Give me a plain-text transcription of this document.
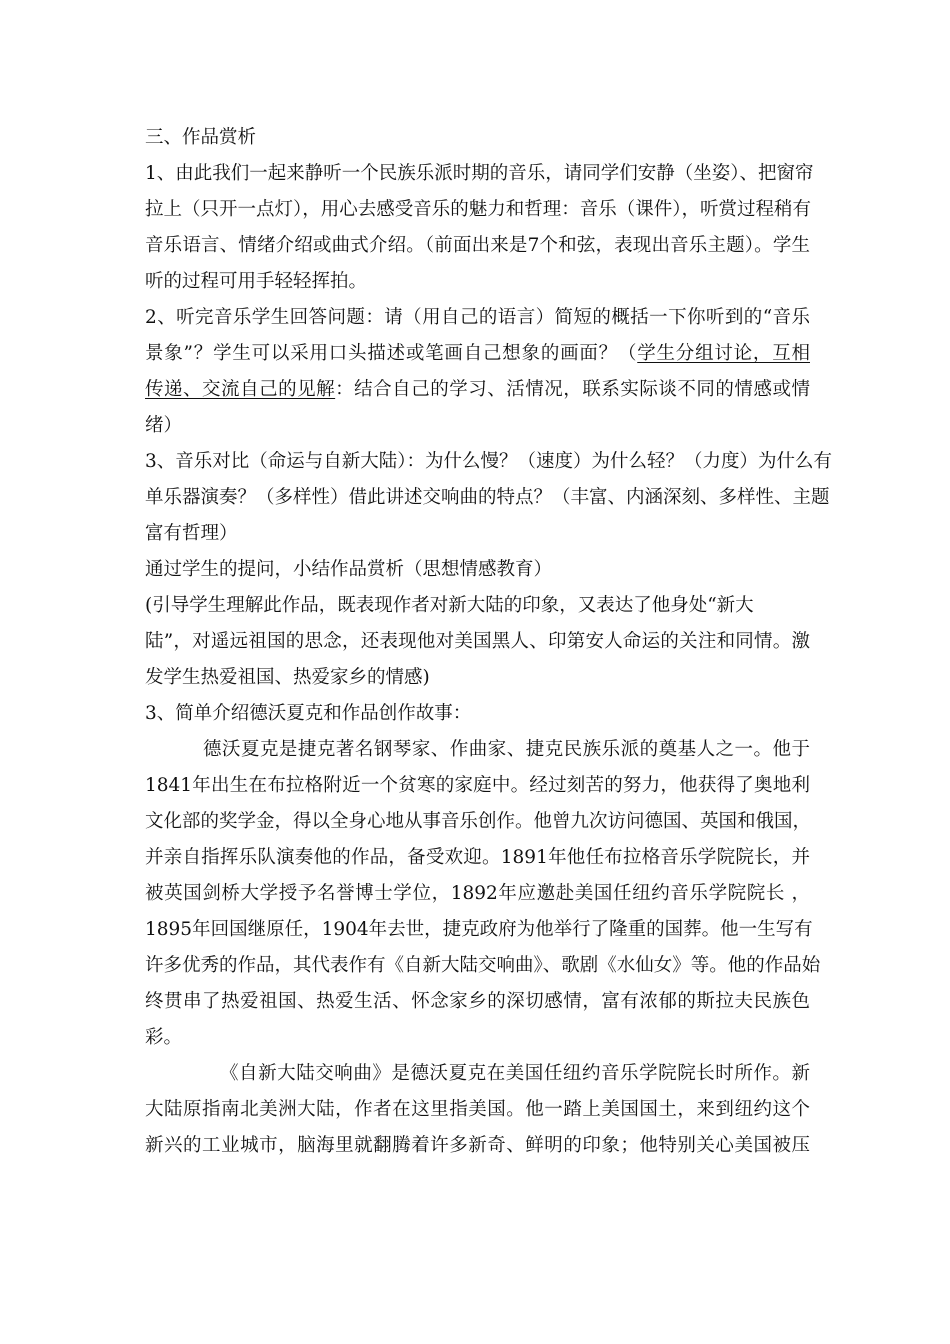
三、作品赏析
1、由此我们一起来静听一个民族乐派时期的音乐，请同学们安静（坐姿）、把窗帘
拉上（只开一点灯），用心去感受音乐的魅力和哲理：音乐（课件），听赏过程稍有
音乐语言、情绪介绍或曲式介绍。（前面出来是7个和弦，表现出音乐主题）。学生
听的过程可用手轻轻挥拍。
2、听完音乐学生回答问题：请（用自己的语言）简短的概括一下你听到的“音乐
景象”？学生可以采用口头描述或笔画自己想象的画面？（学生分组讨论，互相
传递、交流自己的见解：结合自己的学习、活情况，联系实际谈不同的情感或情
绪）
3、音乐对比（命运与自新大陆）：为什么慢？（速度）为什么轻？（力度）为什么有
单乐器演奏？（多样性）借此讲述交响曲的特点？（丰富、内涵深刻、多样性、主题
富有哲理）
通过学生的提问，小结作品赏析（思想情感教育）
(引导学生理解此作品，既表现作者对新大陆的印象，又表达了他身处“新大
陆”，对遥远祖国的思念，还表现他对美国黑人、印第安人命运的关注和同情。激
发学生热爱祖国、热爱家乡的情感)
3、简单介绍德沃夏克和作品创作故事：
德沃夏克是捷克著名钢琴家、作曲家、捷克民族乐派的奠基人之一。他于
1841年出生在布拉格附近一个贫寒的家庭中。经过刻苦的努力，他获得了奥地利
文化部的奖学金，得以全身心地从事音乐创作。他曾九次访问德国、英国和俄国，
并亲自指挥乐队演奏他的作品，备受欢迎。1891年他任布拉格音乐学院院长，并
被英国剑桥大学授予名誉博士学位，1892年应邀赴美国任纽约音乐学院院长 ，
1895年回国继原任，1904年去世，捷克政府为他举行了隆重的国葬。他一生写有
许多优秀的作品，其代表作有《自新大陆交响曲》、歌剧《水仙女》等。他的作品始
终贯串了热爱祖国、热爱生活、怀念家乡的深切感情，富有浓郁的斯拉夫民族色
彩。
《自新大陆交响曲》是德沃夏克在美国任纽约音乐学院院长时所作。新
大陆原指南北美洲大陆，作者在这里指美国。他一踏上美国国土，来到纽约这个
新兴的工业城市，脑海里就翻腾着许多新奇、鲜明的印象；他特别关心美国被压
